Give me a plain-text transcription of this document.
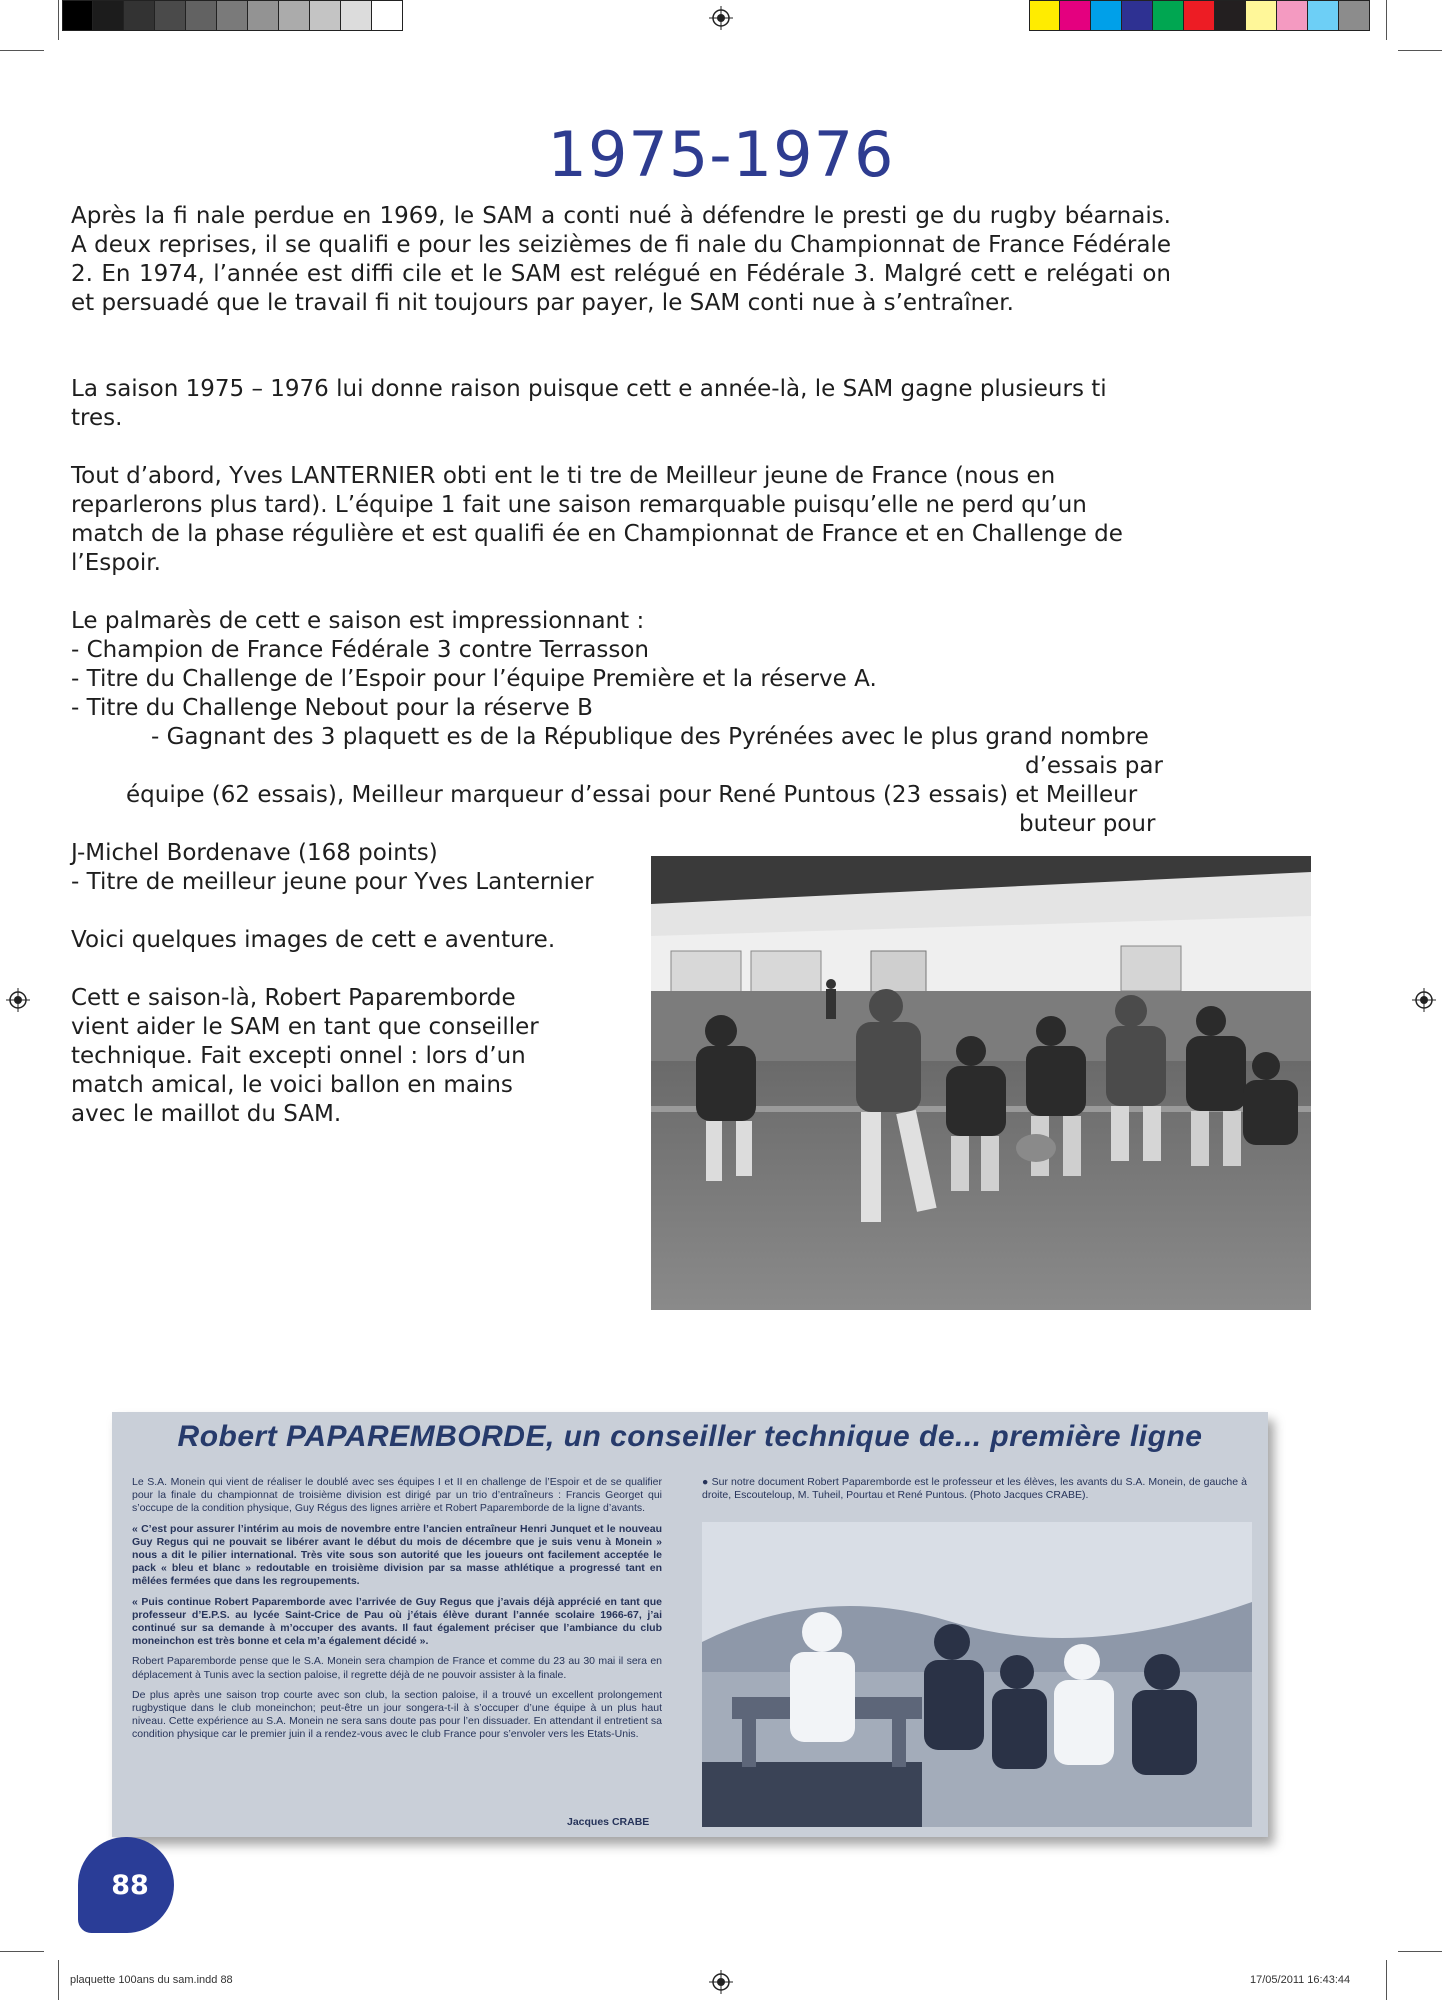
1975-1976
Après la fi nale perdue en 1969, le SAM a conti nué à défendre le presti ge du rugby béarnais. A deux reprises, il se qualifi e pour les seizièmes de fi nale du Championnat de France Fédérale 2. En 1974, l’année est diffi cile et le SAM est relégué en Fédérale 3. Malgré cett e relégati on et persuadé que le travail fi nit toujours par payer, le SAM conti nue à s’entraîner.
La saison 1975 – 1976 lui donne raison puisque cett e année-là, le SAM gagne plusieurs ti
tres.
Tout d’abord, Yves LANTERNIER obti ent le ti tre de Meilleur jeune de France (nous en
reparlerons plus tard). L’équipe 1 fait une saison remarquable puisqu’elle ne perd qu’un
match de la phase régulière et est qualifi ée en Championnat de France et en Challenge de
l’Espoir.
Le palmarès de cett e saison est impressionnant :
- Champion de France Fédérale 3 contre Terrasson
- Titre du Challenge de l’Espoir pour l’équipe Première et la réserve A.
- Titre du Challenge Nebout pour la réserve B
- Gagnant des 3 plaquett es de la République des Pyrénées avec le plus grand nombre
d’essais par
équipe (62 essais), Meilleur marqueur d’essai pour René Puntous (23 essais) et Meilleur
buteur pour
J-Michel Bordenave (168 points)
- Titre de meilleur jeune pour Yves Lanternier
Voici quelques images de cett e aventure.
Cett e saison-là, Robert Paparemborde
vient aider le SAM en tant que conseiller
technique. Fait excepti onnel : lors d’un
match amical, le voici ballon en mains
avec le maillot du SAM.
Robert PAPAREMBORDE, un conseiller technique de... première ligne

Le S.A. Monein qui vient de réaliser le doublé avec ses équipes I et II en challenge de l’Espoir et de se qualifier pour la finale du championnat de troisième division est dirigé par un trio d’entraîneurs : Francis Georget qui s’occupe de la condition physique, Guy Régus des lignes arrière et Robert Paparemborde de la ligne d’avants.

« C’est pour assurer l’intérim au mois de novembre entre l’ancien entraîneur Henri Junquet et le nouveau Guy Regus qui ne pouvait se libérer avant le début du mois de décembre que je suis venu à Monein » nous a dit le pilier international. Très vite sous son autorité que les joueurs ont facilement acceptée le pack « bleu et blanc » redoutable en troisième division par sa masse athlétique a progressé tant en mêlées fermées que dans les regroupements.

« Puis continue Robert Paparemborde avec l’arrivée de Guy Regus que j’avais déjà apprécié en tant que professeur d’E.P.S. au lycée Saint-Crice de Pau où j’étais élève durant l’année scolaire 1966-67, j’ai continué sur sa demande à m’occuper des avants. Il faut également préciser que l’ambiance du club moneinchon est très bonne et cela m’a également décidé ».

Robert Paparemborde pense que le S.A. Monein sera champion de France et comme du 23 au 30 mai il sera en déplacement à Tunis avec la section paloise, il regrette déjà de ne pouvoir assister à la finale.

De plus après une saison trop courte avec son club, la section paloise, il a trouvé un excellent prolongement rugbystique dans le club moneinchon; peut-être un jour songera-t-il à s’occuper d’une équipe à un plus haut niveau. Cette expérience au S.A. Monein ne sera sans doute pas pour l’en dissuader. En attendant il entretient sa condition physique car le premier juin il a rendez-vous avec le club France pour s’envoler vers les Etats-Unis.

Jacques CRABE
● Sur notre document Robert Paparemborde est le professeur et les élèves, les avants du S.A. Monein, de gauche à droite, Escouteloup, M. Tuheil, Pourtau et René Puntous. (Photo Jacques CRABE).
88
plaquette 100ans du sam.indd 88	17/05/2011 16:43:44
